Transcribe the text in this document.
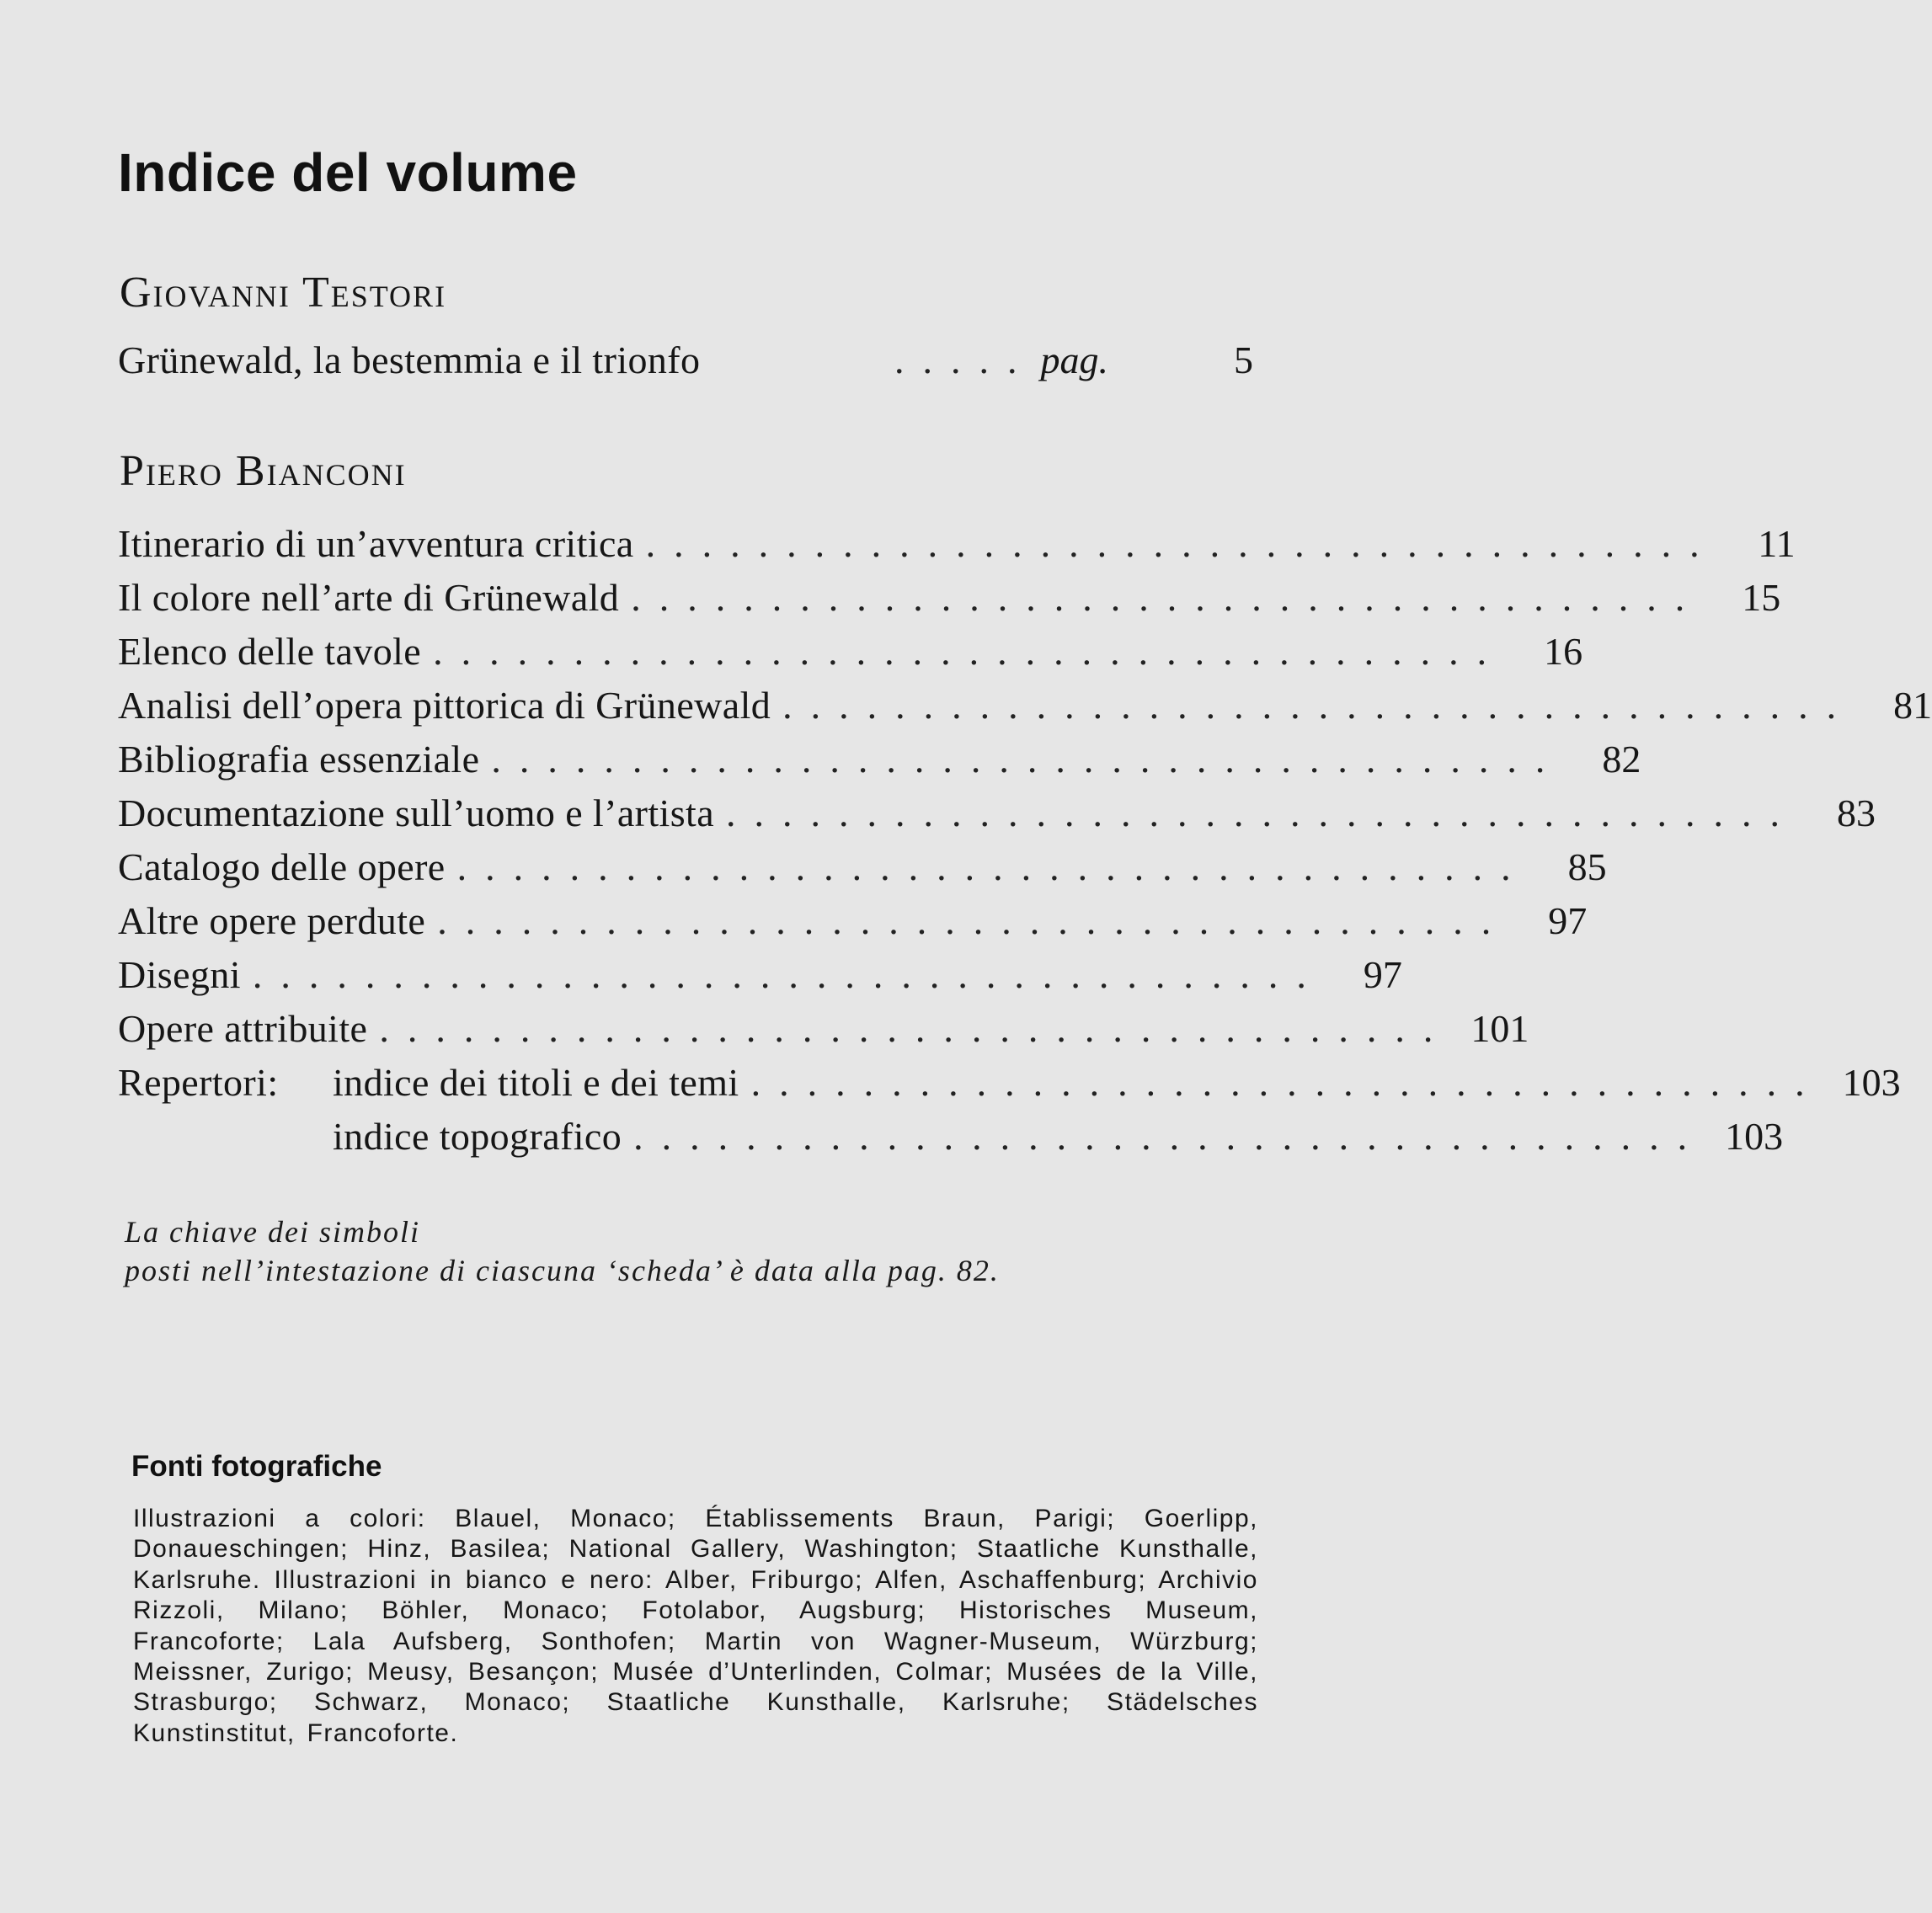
Indice del volume
Giovanni Testori
Grünewald, la bestemmia e il trionfo	..... pag.	5
Piero Bianconi
Itinerario di un’avventura critica ......................................	11
Il colore nell’arte di Grünewald ......................................	15
Elenco delle tavole ......................................	16
Analisi dell’opera pittorica di Grünewald ......................................	81
Bibliografia essenziale ......................................	82
Documentazione sull’uomo e l’artista ......................................	83
Catalogo delle opere ......................................	85
Altre opere perdute ......................................	97
Disegni ......................................	97
Opere attribuite ...................................... 101
Repertori:	indice dei titoli e dei temi ...................................... 103
indice topografico ...................................... 103
La chiave dei simboli
posti nell’intestazione di ciascuna ‘scheda’ è data alla pag. 82.
Fonti fotografiche

Illustrazioni a colori: Blauel, Monaco; Établissements Braun, Parigi; Goerlipp, Donaueschingen; Hinz, Basilea; National Gallery, Washington; Staatliche Kunsthalle, Karlsruhe. Illustrazioni in bianco e nero: Alber, Friburgo; Alfen, Aschaffenburg; Archivio Rizzoli, Milano; Böhler, Monaco; Fotolabor, Augsburg; Historisches Museum, Francoforte; Lala Aufsberg, Sonthofen; Martin von Wagner-Museum, Würzburg; Meissner, Zurigo; Meusy, Besançon; Musée d’Unterlinden, Colmar; Musées de la Ville, Strasburgo; Schwarz, Monaco; Staatliche Kunsthalle, Karlsruhe; Städelsches Kunstinstitut, Francoforte.
